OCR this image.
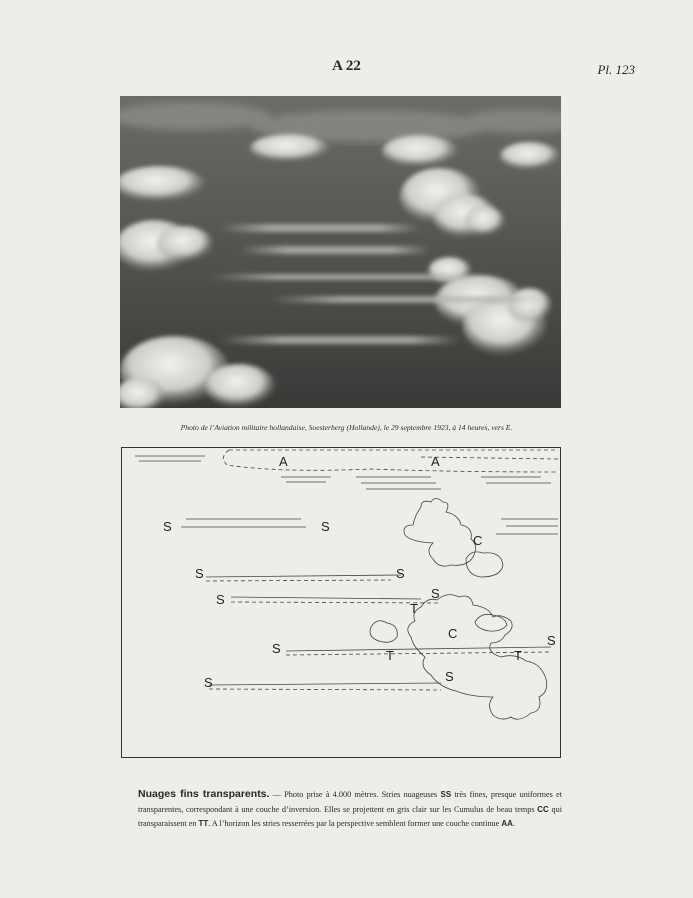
A 22	Pl. 123
Photo de l’Aviation militaire hollandaise, Soesterberg (Hollande), le 29 septembre 1923, à 14 heures, vers E.
A	A
S	S
S	S
S	S
S
S
S	S
C
C
T
T	T
Nuages fins transparents. — Photo prise à 4.000 mètres. Stries nuageuses SS très fines, presque uniformes et transparentes, correspondant à une couche d’inversion. Elles se projettent en gris clair sur les Cumulus de beau temps CC qui transparaissent en TT. A l’horizon les stries resserrées par la perspective semblent former une couche continue AA.
